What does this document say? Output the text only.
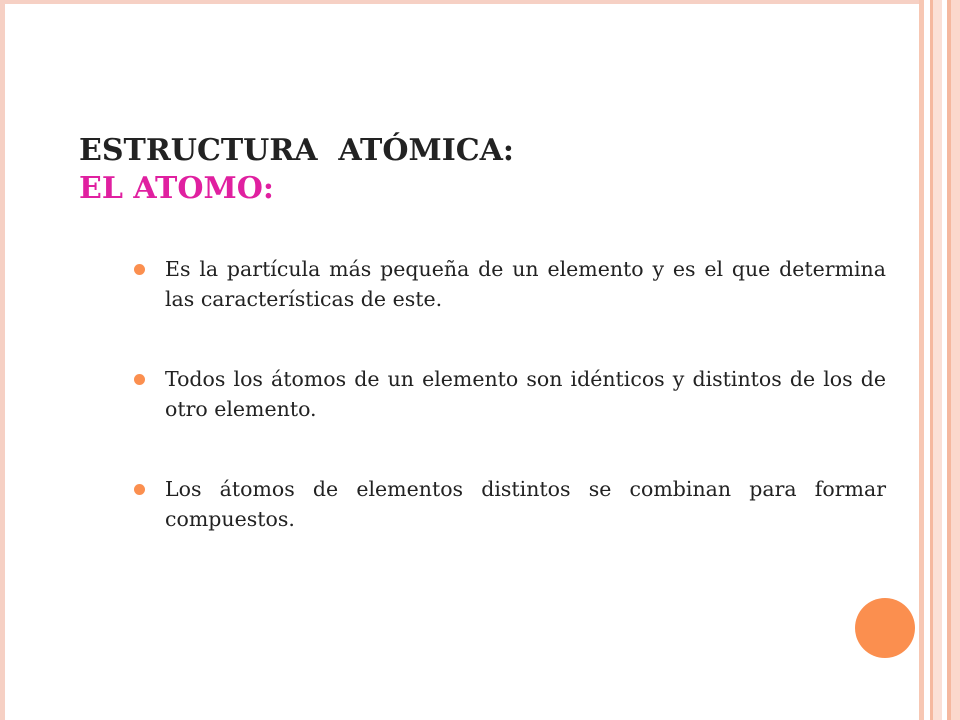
ESTRUCTURA  ATÓMICA:
EL ATOMO:
Es la partícula más pequeña de un elemento y es el que determina las características de este.
Todos los átomos de un elemento son idénticos y distintos de los de otro elemento.
Los átomos de elementos distintos se combinan para formar compuestos.
